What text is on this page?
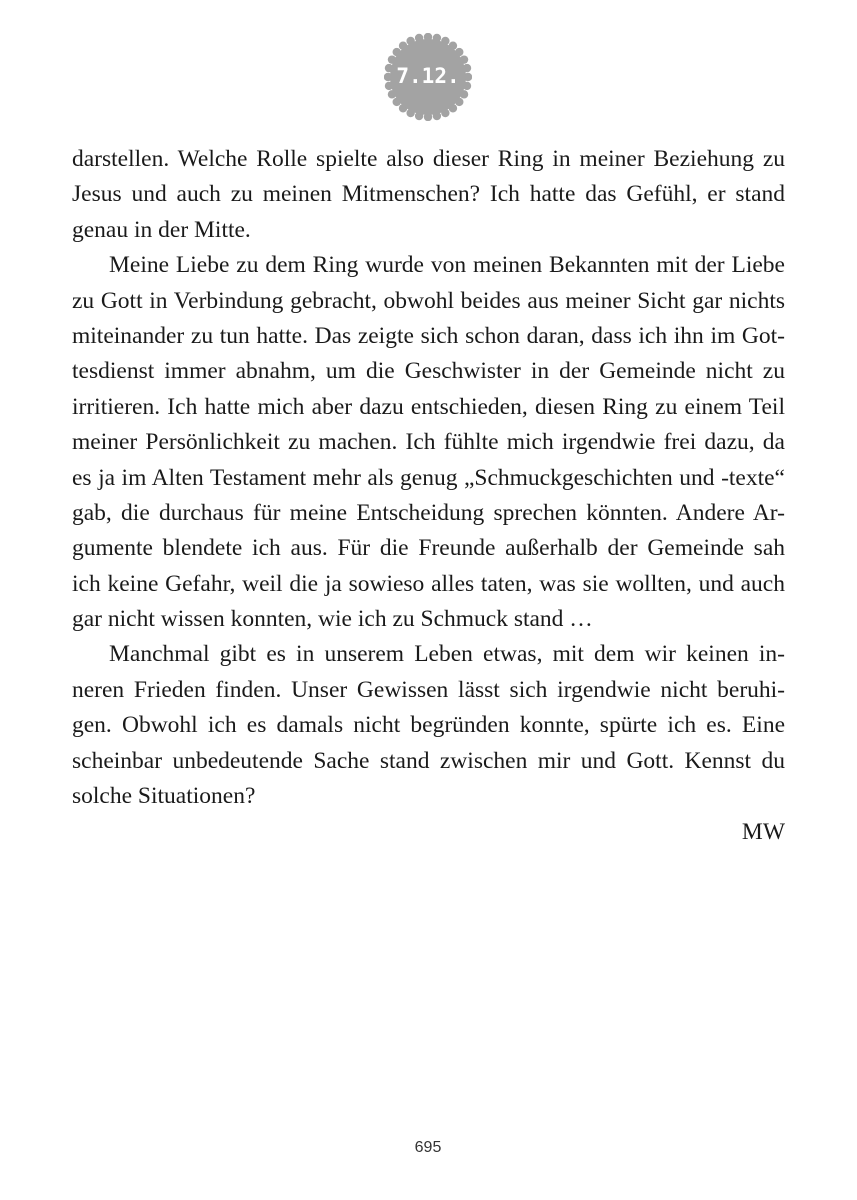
7.12.
darstellen. Welche Rolle spielte also dieser Ring in meiner Beziehung zu
Jesus und auch zu meinen Mitmenschen? Ich hatte das Gefühl, er stand
genau in der Mitte.
Meine Liebe zu dem Ring wurde von meinen Bekannten mit der Liebe
zu Gott in Verbindung gebracht, obwohl beides aus meiner Sicht gar nichts
miteinander zu tun hatte. Das zeigte sich schon daran, dass ich ihn im Got-
tesdienst immer abnahm, um die Geschwister in der Gemeinde nicht zu
irritieren. Ich hatte mich aber dazu entschieden, diesen Ring zu einem Teil
meiner Persönlichkeit zu machen. Ich fühlte mich irgendwie frei dazu, da
es ja im Alten Testament mehr als genug „Schmuckgeschichten und -texte“
gab, die durchaus für meine Entscheidung sprechen könnten. Andere Ar-
gumente blendete ich aus. Für die Freunde außerhalb der Gemeinde sah
ich keine Gefahr, weil die ja sowieso alles taten, was sie wollten, und auch
gar nicht wissen konnten, wie ich zu Schmuck stand …
Manchmal gibt es in unserem Leben etwas, mit dem wir keinen in-
neren Frieden finden. Unser Gewissen lässt sich irgendwie nicht beruhi-
gen. Obwohl ich es damals nicht begründen konnte, spürte ich es. Eine
scheinbar unbedeutende Sache stand zwischen mir und Gott. Kennst du
solche Situationen?
MW
695
